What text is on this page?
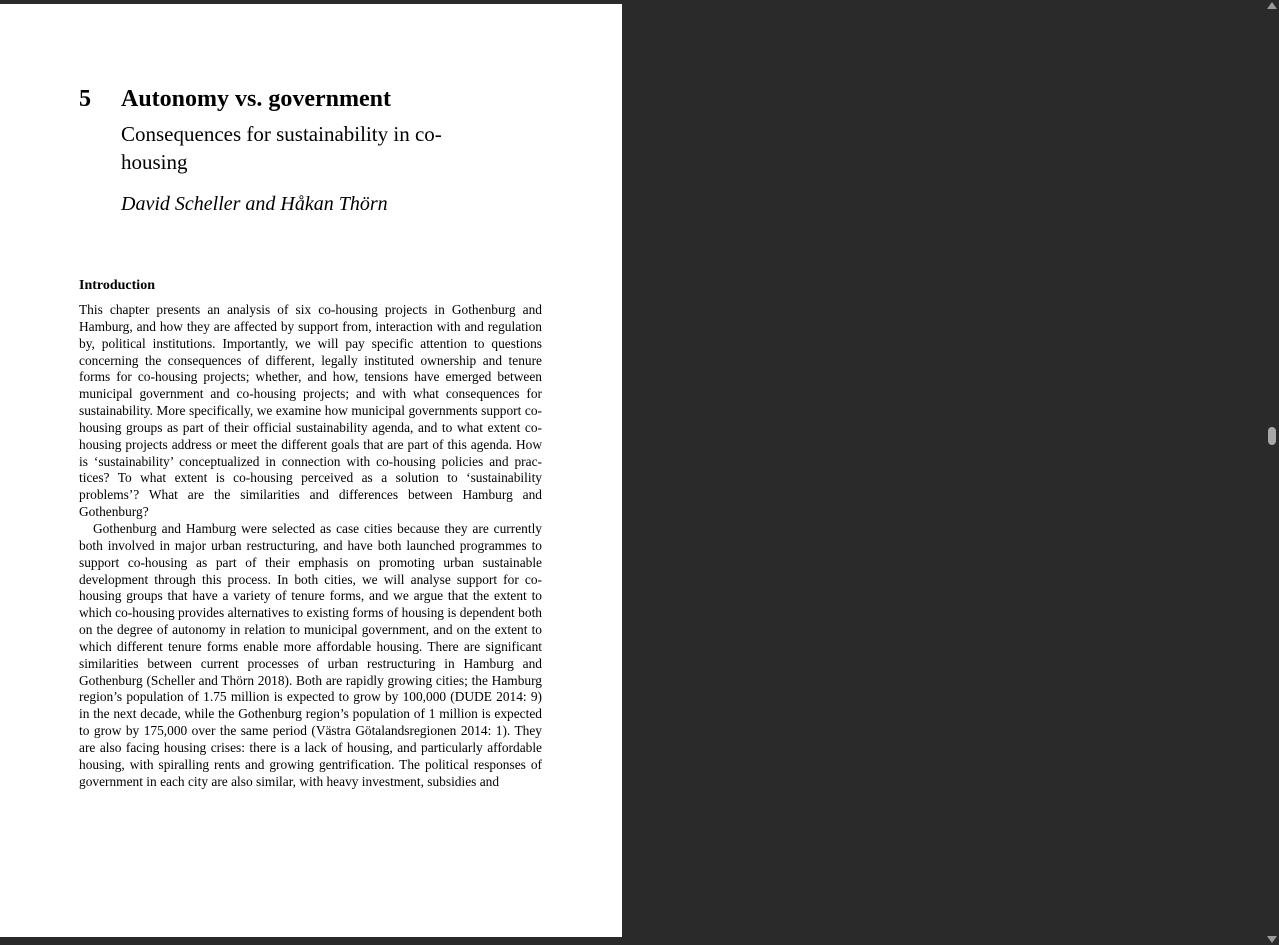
5 Autonomy vs. government
Consequences for sustainability in co-housing
David Scheller and Håkan Thörn
Introduction

This chapter presents an analysis of six co-housing projects in Gothenburg and Hamburg, and how they are affected by support from, interaction with and regulation by, political institutions. Importantly, we will pay specific attention to questions concerning the consequences of different, legally instituted ownership and tenure forms for co-housing projects; whether, and how, tensions have emerged between municipal government and co-housing projects; and with what consequences for sustainability. More specifically, we examine how municipal governments support co-housing groups as part of their official sustainability agenda, and to what extent co-housing projects address or meet the different goals that are part of this agenda. How is ‘sustainability’ conceptualized in connection with co-housing policies and practices? To what extent is co-housing perceived as a solution to ‘sustainability problems’? What are the similarities and differences between Hamburg and Gothenburg?

Gothenburg and Hamburg were selected as case cities because they are currently both involved in major urban restructuring, and have both launched programmes to support co-housing as part of their emphasis on promoting urban sustainable development through this process. In both cities, we will analyse support for co-housing groups that have a variety of tenure forms, and we argue that the extent to which co-housing provides alternatives to existing forms of housing is dependent both on the degree of autonomy in relation to municipal government, and on the extent to which different tenure forms enable more affordable housing. There are significant similarities between current processes of urban restructuring in Hamburg and Gothenburg (Scheller and Thörn 2018). Both are rapidly growing cities; the Hamburg region’s population of 1.75 million is expected to grow by 100,000 (DUDE 2014: 9) in the next decade, while the Gothenburg region’s population of 1 million is expected to grow by 175,000 over the same period (Västra Götalandsregionen 2014: 1). They are also facing housing crises: there is a lack of housing, and particularly affordable housing, with spiralling rents and growing gentrification. The political responses of government in each city are also similar, with heavy investment, subsidies and
